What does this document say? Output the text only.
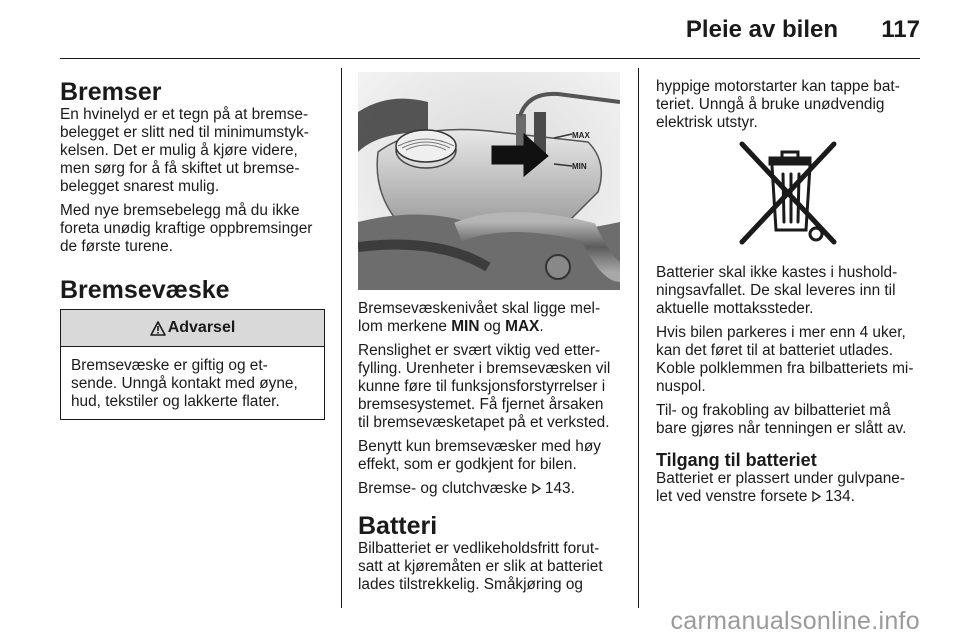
Pleie av bilen 117
Bremser

En hvinelyd er et tegn på at bremse-
belegget er slitt ned til minimumstyk-
kelsen. Det er mulig å kjøre videre,
men sørg for å få skiftet ut bremse-
belegget snarest mulig.

Med nye bremsebelegg må du ikke
foreta unødig kraftige oppbremsinger
de første turene.

Bremsevæske
Advarsel
Bremsevæske er giftig og et-
sende. Unngå kontakt med øyne,
hud, tekstiler og lakkerte flater.
MAX
MIN

Bremsevæskenivået skal ligge mel-
lom merkene MIN og MAX.

Renslighet er svært viktig ved etter-
fylling. Urenheter i bremsevæsken vil
kunne føre til funksjonsforstyrrelser i
bremsesystemet. Få fjernet årsaken
til bremsevæsketapet på et verksted.

Benytt kun bremsevæsker med høy
effekt, som er godkjent for bilen.

Bremse- og clutchvæske  143.

Batteri

Bilbatteriet er vedlikeholdsfritt forut-
satt at kjøremåten er slik at batteriet
lades tilstrekkelig. Småkjøring og

hyppige motorstarter kan tappe bat-
teriet. Unngå å bruke unødvendig
elektrisk utstyr.

Batterier skal ikke kastes i hushold-
ningsavfallet. De skal leveres inn til
aktuelle mottakssteder.

Hvis bilen parkeres i mer enn 4 uker,
kan det føret til at batteriet utlades.
Koble polklemmen fra bilbatteriets mi-
nuspol.

Til- og frakobling av bilbatteriet må
bare gjøres når tenningen er slått av.

Tilgang til batteriet

Batteriet er plassert under gulvpane-
let ved venstre forsete  134.

carmanualsonline.info
